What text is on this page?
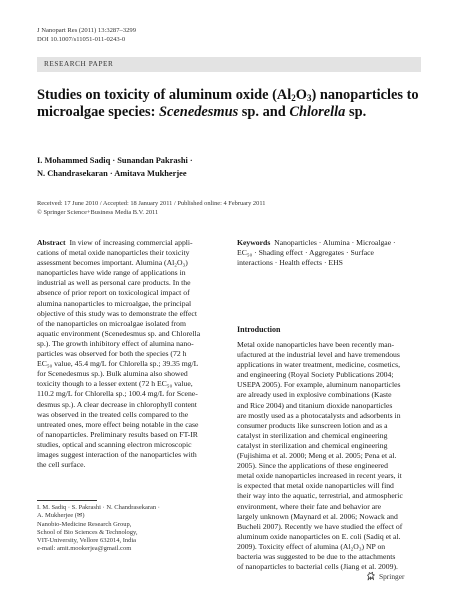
J Nanopart Res (2011) 13:3287–3299
DOI 10.1007/s11051-011-0243-0
RESEARCH PAPER
Studies on toxicity of aluminum oxide $(Al_2O_3)$ nanoparticles to microalgae species: Scenedesmus sp. and Chlorella sp.
I. Mohammed Sadiq · Sunandan Pakrashi ·
N. Chandrasekaran · Amitava Mukherjee
Received: 17 June 2010 / Accepted: 18 January 2011 / Published online: 4 February 2011
© Springer Science+Business Media B.V. 2011
Abstract In view of increasing commercial appli-
cations of metal oxide nanoparticles their toxicity
assessment becomes important. Alumina (Al₂O₃)
nanoparticles have wide range of applications in
industrial as well as personal care products. In the
absence of prior report on toxicological impact of
alumina nanoparticles to microalgae, the principal
objective of this study was to demonstrate the effect
of the nanoparticles on microalgae isolated from
aquatic environment (Scenedesmus sp. and Chlorella
sp.). The growth inhibitory effect of alumina nano-
particles was observed for both the species (72 h
EC₅₀ value, 45.4 mg/L for Chlorella sp.; 39.35 mg/L
for Scenedesmus sp.). Bulk alumina also showed
toxicity though to a lesser extent (72 h EC₅₀ value,
110.2 mg/L for Chlorella sp.; 100.4 mg/L for Scene-
desmus sp.). A clear decrease in chlorophyll content
was observed in the treated cells compared to the
untreated ones, more effect being notable in the case
of nanoparticles. Preliminary results based on FT-IR
studies, optical and scanning electron microscopic
images suggest interaction of the nanoparticles with
the cell surface.
Keywords Nanoparticles · Alumina · Microalgae ·
EC₅₀ · Shading effect · Aggregates · Surface
interactions · Health effects · EHS
Introduction
Metal oxide nanoparticles have been recently man-
ufactured at the industrial level and have tremendous
applications in water treatment, medicine, cosmetics,
and engineering (Royal Society Publications 2004;
USEPA 2005). For example, aluminum nanoparticles
are already used in explosive combinations (Kaste
and Rice 2004) and titanium dioxide nanoparticles
are mostly used as a photocatalysts and adsorbents in
consumer products like sunscreen lotion and as a
catalyst in sterilization and chemical engineering
catalyst in sterilization and chemical engineering
(Fujishima et al. 2000; Meng et al. 2005; Pena et al.
2005). Since the applications of these engineered
metal oxide nanoparticles increased in recent years, it
is expected that metal oxide nanoparticles will find
their way into the aquatic, terrestrial, and atmospheric
environment, where their fate and behavior are
largely unknown (Maynard et al. 2006; Nowack and
Bucheli 2007). Recently we have studied the effect of
aluminum oxide nanoparticles on E. coli (Sadiq et al.
2009). Toxicity effect of alumina (Al₂O₃) NP on
bacteria was suggested to be due to the attachments
of nanoparticles to bacterial cells (Jiang et al. 2009).
I. M. Sadiq · S. Pakrashi · N. Chandrasekaran ·
A. Mukherjee (✉)
Nanobio-Medicine Research Group,
School of Bio Sciences & Technology,
VIT-University, Vellore 632014, India
e-mail: amit.mookerjea@gmail.com
Springer
